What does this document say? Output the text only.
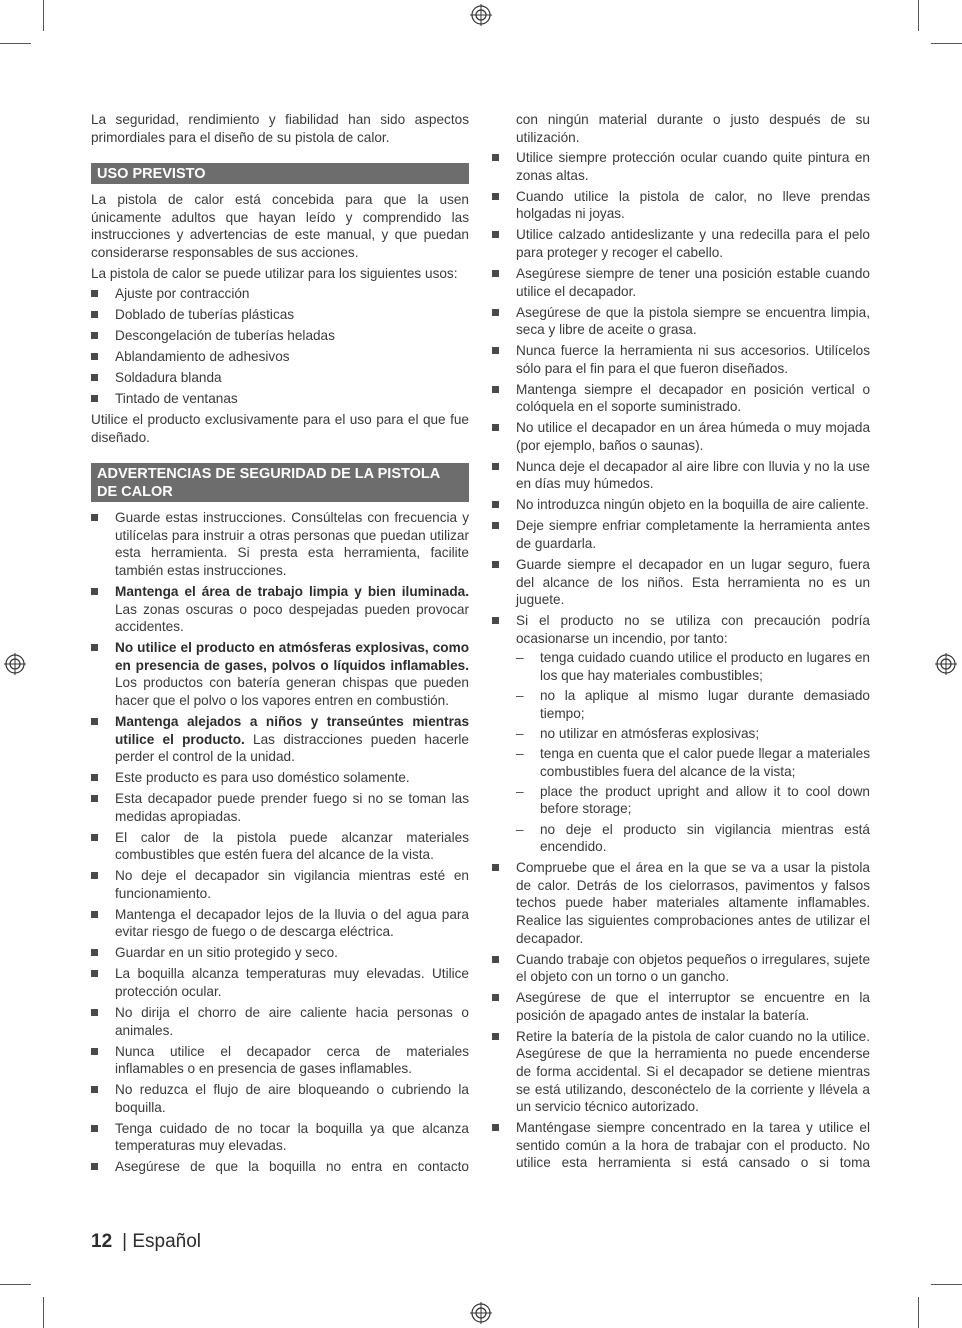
La seguridad, rendimiento y fiabilidad han sido aspectos primordiales para el diseño de su pistola de calor.

USO PREVISTO

La pistola de calor está concebida para que la usen únicamente adultos que hayan leído y comprendido las instrucciones y advertencias de este manual, y que puedan considerarse responsables de sus acciones.

La pistola de calor se puede utilizar para los siguientes usos:

Ajuste por contracción
Doblado de tuberías plásticas
Descongelación de tuberías heladas
Ablandamiento de adhesivos
Soldadura blanda
Tintado de ventanas

Utilice el producto exclusivamente para el uso para el que fue diseñado.

ADVERTENCIAS DE SEGURIDAD DE LA PISTOLA DE CALOR
Guarde estas instrucciones. Consúltelas con frecuencia y utilícelas para instruir a otras personas que puedan utilizar esta herramienta. Si presta esta herramienta, facilite también estas instrucciones.
Mantenga el área de trabajo limpia y bien iluminada. Las zonas oscuras o poco despejadas pueden provocar accidentes.
No utilice el producto en atmósferas explosivas, como en presencia de gases, polvos o líquidos inflamables. Los productos con batería generan chispas que pueden hacer que el polvo o los vapores entren en combustión.
Mantenga alejados a niños y transeúntes mientras utilice el producto. Las distracciones pueden hacerle perder el control de la unidad.
Este producto es para uso doméstico solamente.
Esta decapador puede prender fuego si no se toman las medidas apropiadas.
El calor de la pistola puede alcanzar materiales combustibles que estén fuera del alcance de la vista.
No deje el decapador sin vigilancia mientras esté en funcionamiento.
Mantenga el decapador lejos de la lluvia o del agua para evitar riesgo de fuego o de descarga eléctrica.
Guardar en un sitio protegido y seco.
La boquilla alcanza temperaturas muy elevadas. Utilice protección ocular.
No dirija el chorro de aire caliente hacia personas o animales.
Nunca utilice el decapador cerca de materiales inflamables o en presencia de gases inflamables.
No reduzca el flujo de aire bloqueando o cubriendo la boquilla.
Tenga cuidado de no tocar la boquilla ya que alcanza temperaturas muy elevadas.
Asegúrese de que la boquilla no entra en contacto
con ningún material durante o justo después de su utilización.
Utilice siempre protección ocular cuando quite pintura en zonas altas.
Cuando utilice la pistola de calor, no lleve prendas holgadas ni joyas.
Utilice calzado antideslizante y una redecilla para el pelo para proteger y recoger el cabello.
Asegúrese siempre de tener una posición estable cuando utilice el decapador.
Asegúrese de que la pistola siempre se encuentra limpia, seca y libre de aceite o grasa.
Nunca fuerce la herramienta ni sus accesorios. Utilícelos sólo para el fin para el que fueron diseñados.
Mantenga siempre el decapador en posición vertical o colóquela en el soporte suministrado.
No utilice el decapador en un área húmeda o muy mojada (por ejemplo, baños o saunas).
Nunca deje el decapador al aire libre con lluvia y no la use en días muy húmedos.
No introduzca ningún objeto en la boquilla de aire caliente.
Deje siempre enfriar completamente la herramienta antes de guardarla.
Guarde siempre el decapador en un lugar seguro, fuera del alcance de los niños. Esta herramienta no es un juguete.
Si el producto no se utiliza con precaución podría ocasionarse un incendio, por tanto:
– tenga cuidado cuando utilice el producto en lugares en los que hay materiales combustibles;
– no la aplique al mismo lugar durante demasiado tiempo;
– no utilizar en atmósferas explosivas;
– tenga en cuenta que el calor puede llegar a materiales combustibles fuera del alcance de la vista;
– place the product upright and allow it to cool down before storage;
– no deje el producto sin vigilancia mientras está encendido.
Compruebe que el área en la que se va a usar la pistola de calor. Detrás de los cielorrasos, pavimentos y falsos techos puede haber materiales altamente inflamables. Realice las siguientes comprobaciones antes de utilizar el decapador.
Cuando trabaje con objetos pequeños o irregulares, sujete el objeto con un torno o un gancho.
Asegúrese de que el interruptor se encuentre en la posición de apagado antes de instalar la batería.
Retire la batería de la pistola de calor cuando no la utilice. Asegúrese de que la herramienta no puede encenderse de forma accidental. Si el decapador se detiene mientras se está utilizando, desconéctelo de la corriente y llévela a un servicio técnico autorizado.
Manténgase siempre concentrado en la tarea y utilice el sentido común a la hora de trabajar con el producto. No utilice esta herramienta si está cansado o si toma
12 | Español
